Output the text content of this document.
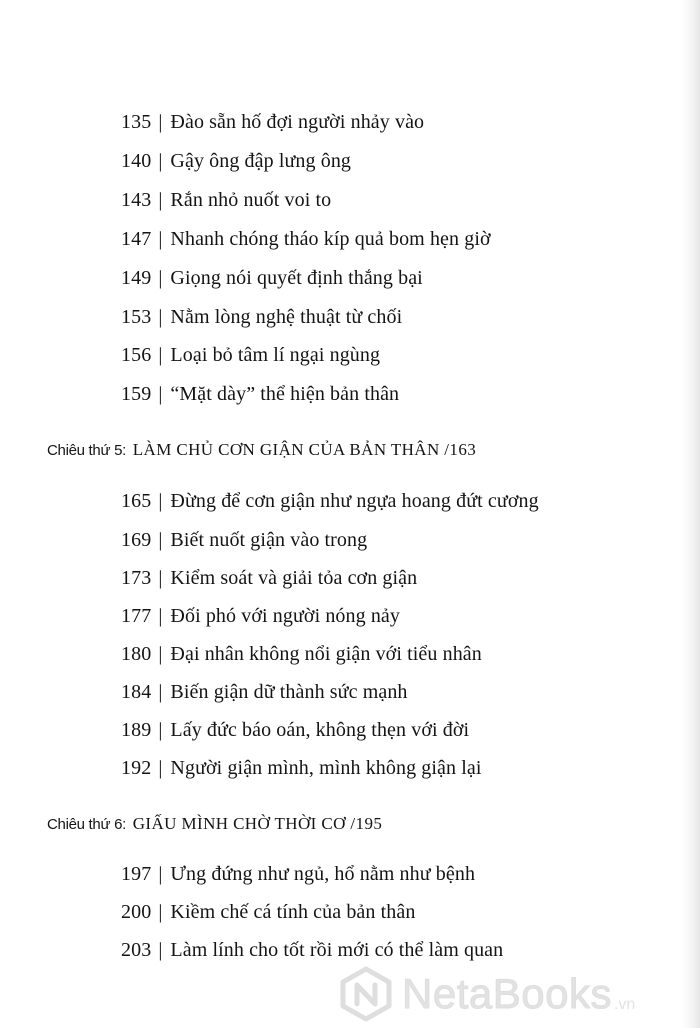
135 | Đào sẵn hố đợi người nhảy vào
140 | Gậy ông đập lưng ông
143 | Rắn nhỏ nuốt voi to
147 | Nhanh chóng tháo kíp quả bom hẹn giờ
149 | Giọng nói quyết định thắng bại
153 | Nằm lòng nghệ thuật từ chối
156 | Loại bỏ tâm lí ngại ngùng
159 | “Mặt dày” thể hiện bản thân
Chiêu thứ 5: LÀM CHỦ CƠN GIẬN CỦA BẢN THÂN /163
165 | Đừng để cơn giận như ngựa hoang đứt cương
169 | Biết nuốt giận vào trong
173 | Kiểm soát và giải tỏa cơn giận
177 | Đối phó với người nóng nảy
180 | Đại nhân không nổi giận với tiểu nhân
184 | Biến giận dữ thành sức mạnh
189 | Lấy đức báo oán, không thẹn với đời
192 | Người giận mình, mình không giận lại
Chiêu thứ 6: GIẤU MÌNH CHỜ THỜI CƠ /195
197 | Ưng đứng như ngủ, hổ nằm như bệnh
200 | Kiềm chế cá tính của bản thân
203 | Làm lính cho tốt rồi mới có thể làm quan
NetaBooks .vn
